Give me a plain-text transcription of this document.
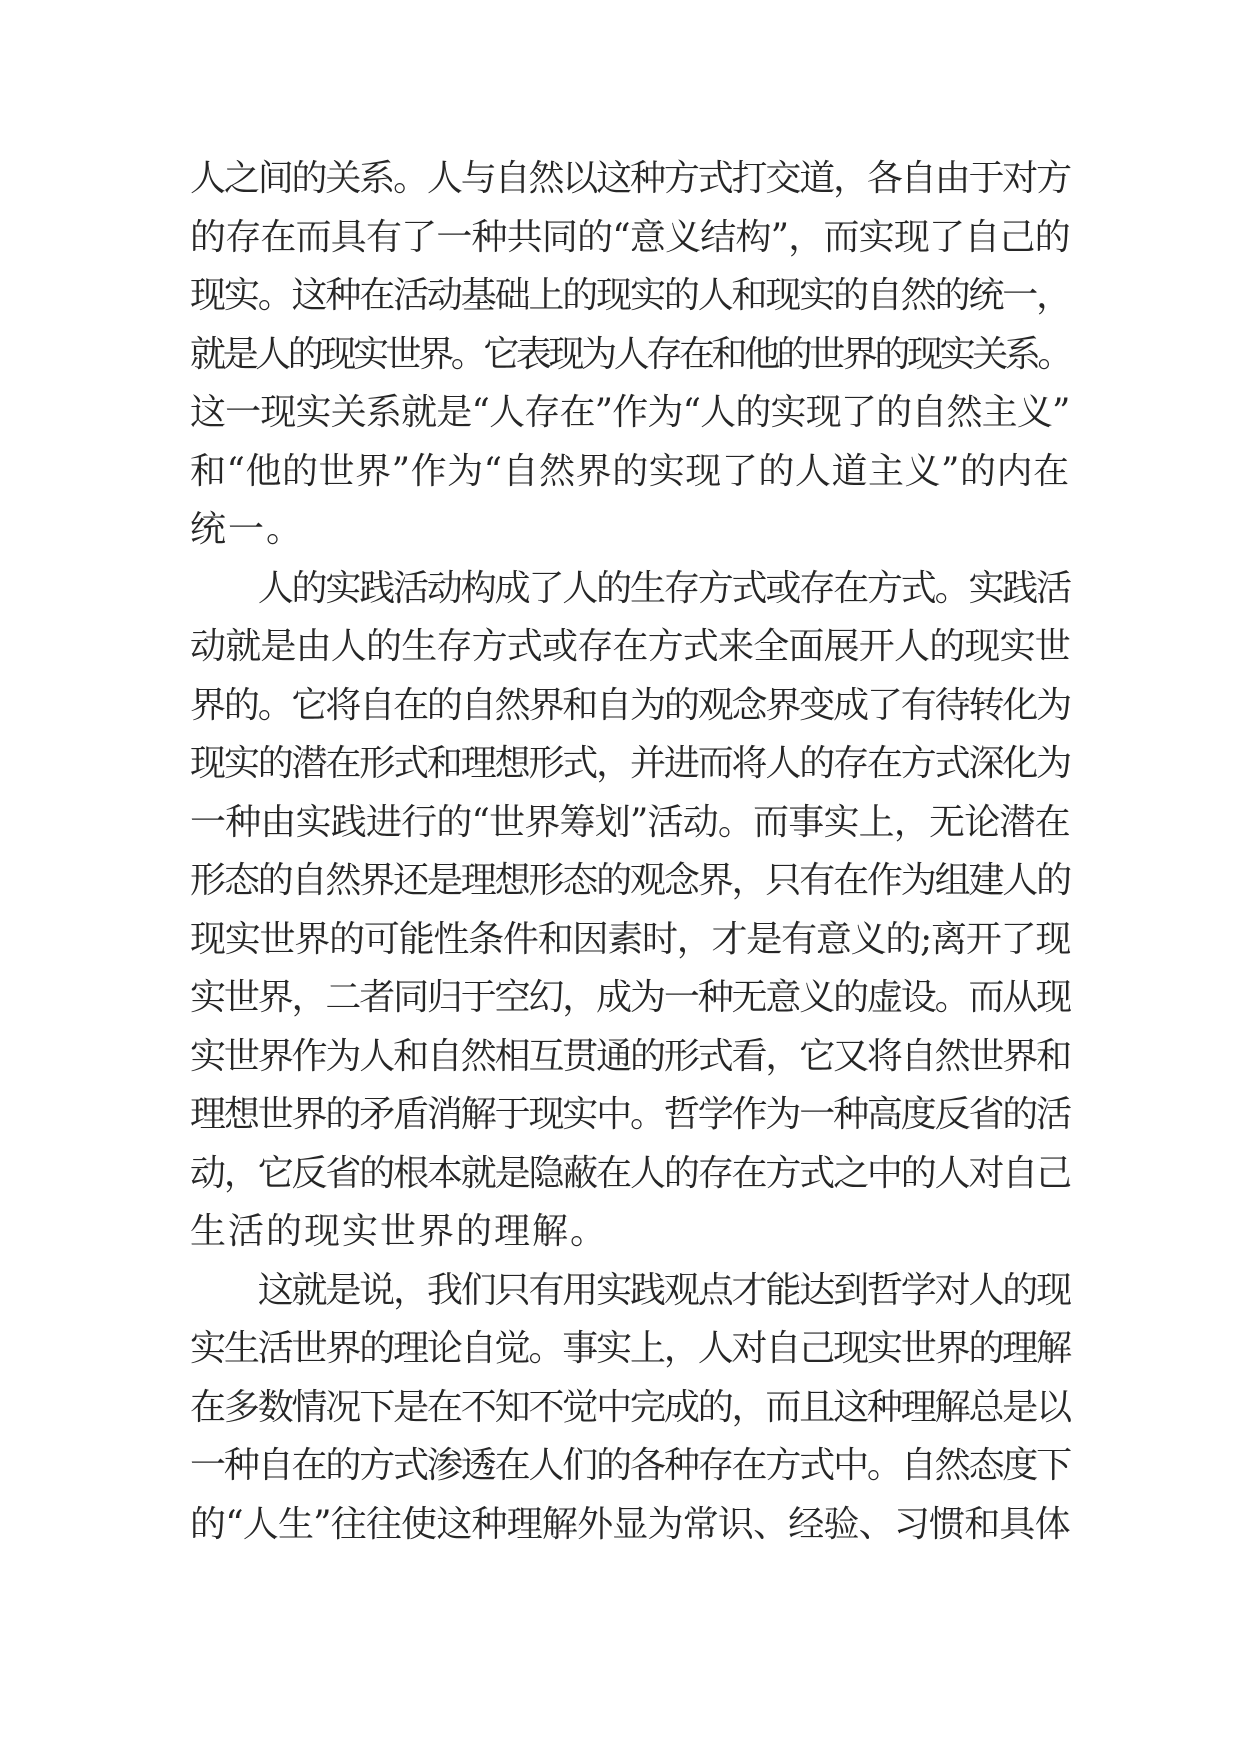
人之间的关系。人与自然以这种方式打交道，各自由于对方
的存在而具有了一种共同的“意义结构”，而实现了自己的
现实。这种在活动基础上的现实的人和现实的自然的统一，
就是人的现实世界。它表现为人存在和他的世界的现实关系。
这一现实关系就是“人存在”作为“人的实现了的自然主义”
和“他的世界”作为“自然界的实现了的人道主义”的内在
统一。
　　人的实践活动构成了人的生存方式或存在方式。实践活
动就是由人的生存方式或存在方式来全面展开人的现实世
界的。它将自在的自然界和自为的观念界变成了有待转化为
现实的潜在形式和理想形式，并进而将人的存在方式深化为
一种由实践进行的“世界筹划”活动。而事实上，无论潜在
形态的自然界还是理想形态的观念界，只有在作为组建人的
现实世界的可能性条件和因素时，才是有意义的;离开了现
实世界，二者同归于空幻，成为一种无意义的虚设。而从现
实世界作为人和自然相互贯通的形式看，它又将自然世界和
理想世界的矛盾消解于现实中。哲学作为一种高度反省的活
动，它反省的根本就是隐蔽在人的存在方式之中的人对自己
生活的现实世界的理解。
　　这就是说，我们只有用实践观点才能达到哲学对人的现
实生活世界的理论自觉。事实上，人对自己现实世界的理解
在多数情况下是在不知不觉中完成的，而且这种理解总是以
一种自在的方式渗透在人们的各种存在方式中。自然态度下
的“人生”往往使这种理解外显为常识、经验、习惯和具体
